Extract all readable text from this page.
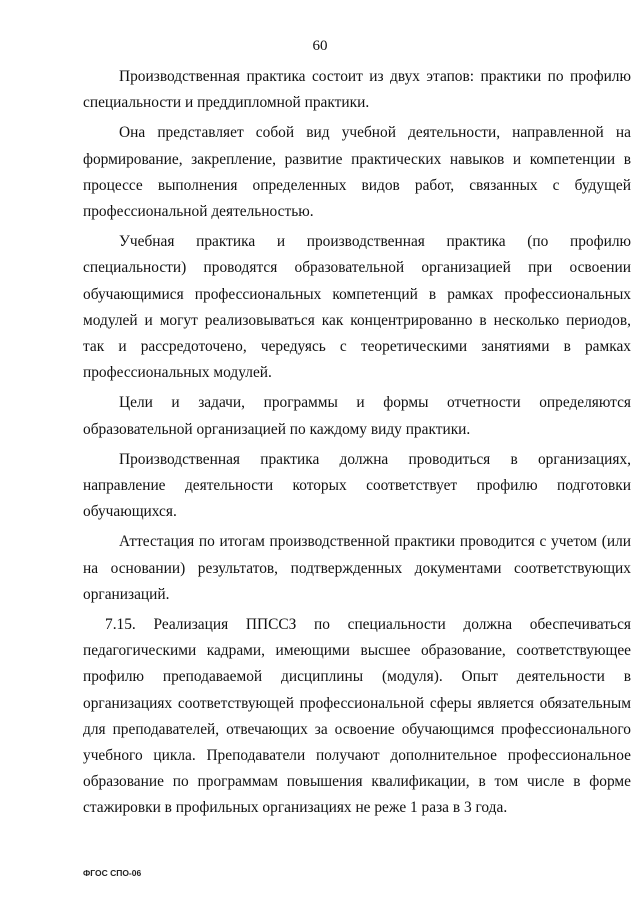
60

Производственная практика состоит из двух этапов: практики по профилю специальности и преддипломной практики.

Она представляет собой вид учебной деятельности, направленной на формирование, закрепление, развитие практических навыков и компетенции в процессе выполнения определенных видов работ, связанных с будущей профессиональной деятельностью.

Учебная практика и производственная практика (по профилю специальности) проводятся образовательной организацией при освоении обучающимися профессиональных компетенций в рамках профессиональных модулей и могут реализовываться как концентрированно в несколько периодов, так и рассредоточено, чередуясь с теоретическими занятиями в рамках профессиональных модулей.

Цели и задачи, программы и формы отчетности определяются образовательной организацией по каждому виду практики.

Производственная практика должна проводиться в организациях, направление деятельности которых соответствует профилю подготовки обучающихся.

Аттестация по итогам производственной практики проводится с учетом (или на основании) результатов, подтвержденных документами соответствующих организаций.

7.15. Реализация ППССЗ по специальности должна обеспечиваться педагогическими кадрами, имеющими высшее образование, соответствующее профилю преподаваемой дисциплины (модуля). Опыт деятельности в организациях соответствующей профессиональной сферы является обязательным для преподавателей, отвечающих за освоение обучающимся профессионального учебного цикла. Преподаватели получают дополнительное профессиональное образование по программам повышения квалификации, в том числе в форме стажировки в профильных организациях не реже 1 раза в 3 года.

ФГОС СПО-06
